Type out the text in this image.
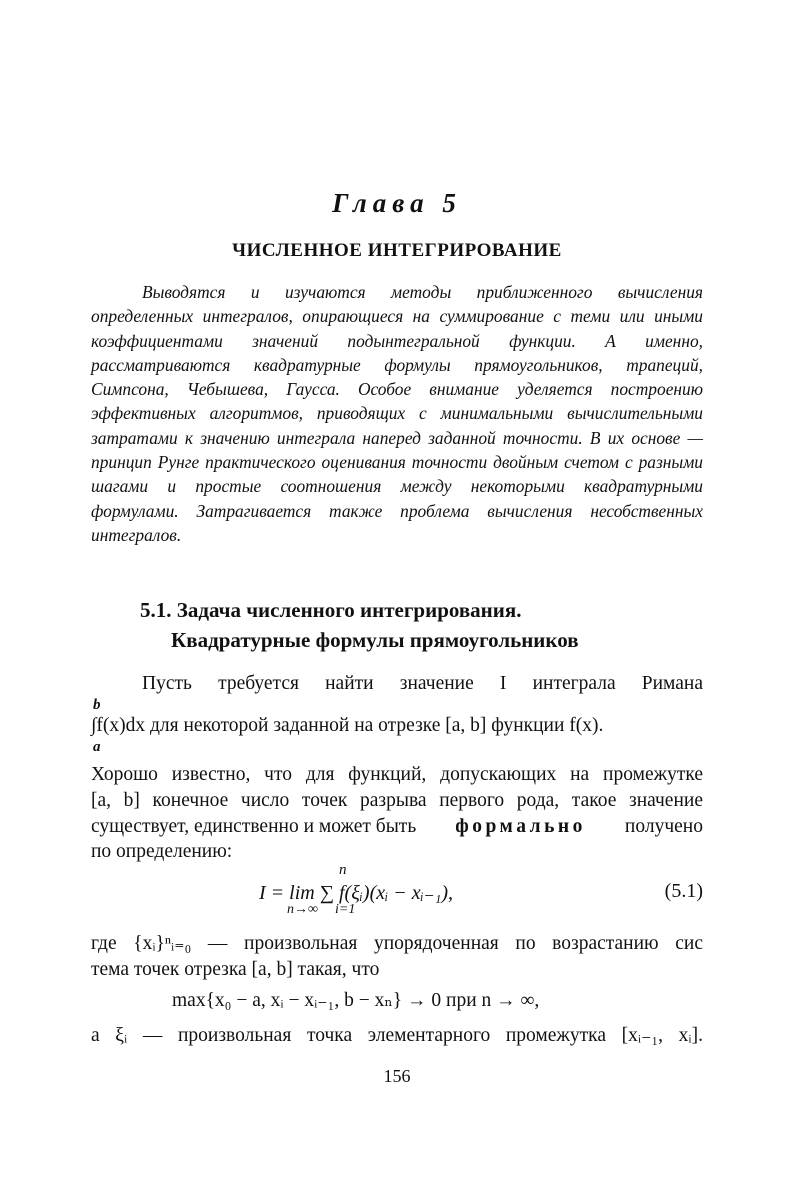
Глава 5
ЧИСЛЕННОЕ ИНТЕГРИРОВАНИЕ

Выводятся и изучаются методы приближенного вычисления определенных интегралов, опирающиеся на суммирование с теми или иными коэффициентами значений подынтегральной функции. А именно, рассматриваются квадратурные формулы прямоугольников, трапеций, Симпсона, Чебышева, Гаусса. Особое внимание уделяется построению эффективных алгоритмов, приводящих с минимальными вычислительными затратами к значению интеграла наперед заданной точности. В их основе — принцип Рунге практического оценивания точности двойным счетом с разными шагами и простые соотношения между некоторыми квадратурными формулами. Затрагивается также проблема вычисления несобственных интегралов.

5.1. Задача численного интегрирования.
Квадратурные формулы прямоугольников

Пусть требуется найти значение I интеграла Римана

b
∫f(x)dx для некоторой заданной на отрезке [a, b] функции f(x).
a

Хорошо известно, что для функций, допускающих на промежутке

[a, b] конечное число точек разрыва первого рода, такое значение

существует, единственно и может быть формально получено

по определению:

n
I = lim ∑ f(ξᵢ)(xᵢ − xᵢ₋₁),
n→∞ i=1
(5.1)

где {xᵢ}ⁿᵢ₌₀ — произвольная упорядоченная по возрастанию сис

тема точек отрезка [a, b] такая, что

max{x₀ − a, xᵢ − xᵢ₋₁, b − xₙ} → 0 при n → ∞,

а ξᵢ — произвольная точка элементарного промежутка [xᵢ₋₁, xᵢ].

156
